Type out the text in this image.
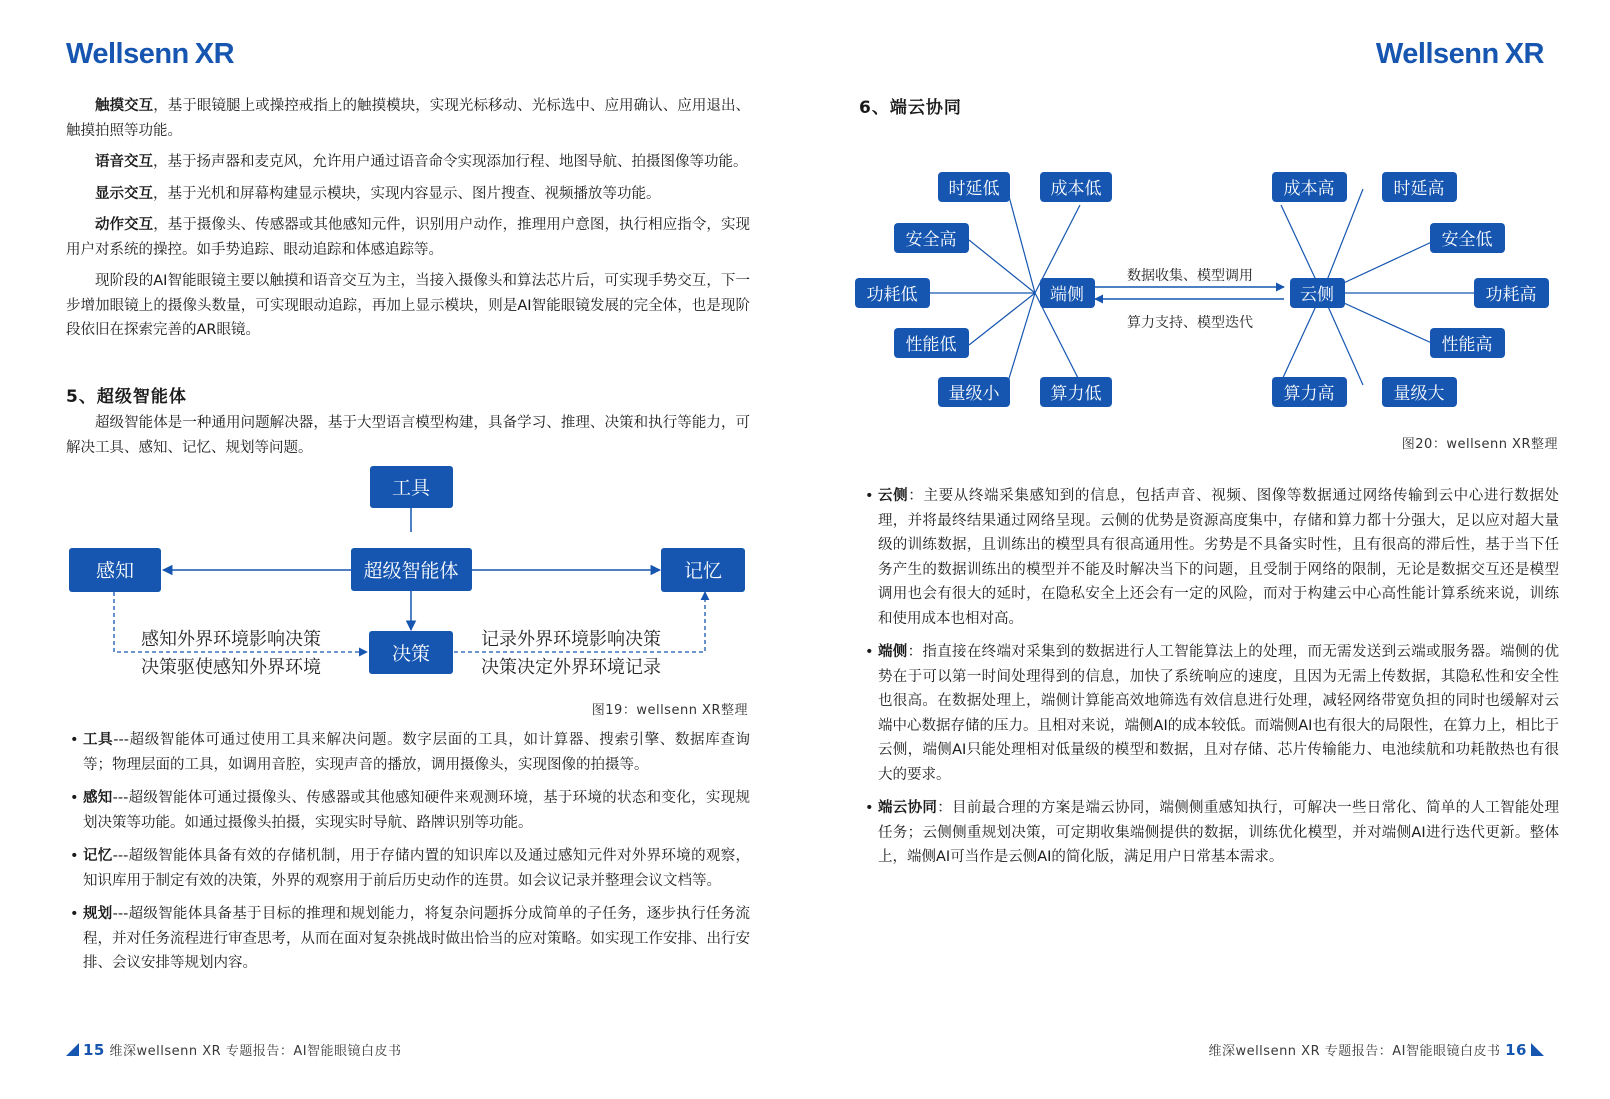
Wellsenn XR

触摸交互，基于眼镜腿上或操控戒指上的触摸模块，实现光标移动、光标选中、应用确认、应用退出、触摸拍照等功能。

语音交互，基于扬声器和麦克风，允许用户通过语音命令实现添加行程、地图导航、拍摄图像等功能。

显示交互，基于光机和屏幕构建显示模块，实现内容显示、图片搜查、视频播放等功能。

动作交互，基于摄像头、传感器或其他感知元件，识别用户动作，推理用户意图，执行相应指令，实现用户对系统的操控。如手势追踪、眼动追踪和体感追踪等。

现阶段的AI智能眼镜主要以触摸和语音交互为主，当接入摄像头和算法芯片后，可实现手势交互，下一步增加眼镜上的摄像头数量，可实现眼动追踪，再加上显示模块，则是AI智能眼镜发展的完全体，也是现阶段依旧在探索完善的AR眼镜。

5、超级智能体

超级智能体是一种通用问题解决器，基于大型语言模型构建，具备学习、推理、决策和执行等能力，可解决工具、感知、记忆、规划等问题。

工具
超级智能体
感知	记忆
决策
感知外界环境影响决策
决策驱使感知外界环境
记录外界环境影响决策
决策决定外界环境记录
图19：wellsenn XR整理

• 工具---超级智能体可通过使用工具来解决问题。数字层面的工具，如计算器、搜索引擎、数据库查询等；物理层面的工具，如调用音腔，实现声音的播放，调用摄像头，实现图像的拍摄等。

• 感知---超级智能体可通过摄像头、传感器或其他感知硬件来观测环境，基于环境的状态和变化，实现规划决策等功能。如通过摄像头拍摄，实现实时导航、路牌识别等功能。

• 记忆---超级智能体具备有效的存储机制，用于存储内置的知识库以及通过感知元件对外界环境的观察，知识库用于制定有效的决策，外界的观察用于前后历史动作的连贯。如会议记录并整理会议文档等。

• 规划---超级智能体具备基于目标的推理和规划能力，将复杂问题拆分成简单的子任务，逐步执行任务流程，并对任务流程进行审查思考，从而在面对复杂挑战时做出恰当的应对策略。如实现工作安排、出行安排、会议安排等规划内容。

15 维深wellsenn XR 专题报告：AI智能眼镜白皮书
Wellsenn XR
6、端云协同
数据收集、模型调用
算力支持、模型迭代
端侧	云侧
时延低	成本低
安全高
功耗低
性能低
量级小	算力低
成本高	时延高
安全低
功耗高
性能高
算力高	量级大
图20：wellsenn XR整理

• 云侧：主要从终端采集感知到的信息，包括声音、视频、图像等数据通过网络传输到云中心进行数据处理，并将最终结果通过网络呈现。云侧的优势是资源高度集中，存储和算力都十分强大，足以应对超大量级的训练数据，且训练出的模型具有很高通用性。劣势是不具备实时性，且有很高的滞后性，基于当下任务产生的数据训练出的模型并不能及时解决当下的问题，且受制于网络的限制，无论是数据交互还是模型调用也会有很大的延时，在隐私安全上还会有一定的风险，而对于构建云中心高性能计算系统来说，训练和使用成本也相对高。

• 端侧：指直接在终端对采集到的数据进行人工智能算法上的处理，而无需发送到云端或服务器。端侧的优势在于可以第一时间处理得到的信息，加快了系统响应的速度，且因为无需上传数据，其隐私性和安全性也很高。在数据处理上，端侧计算能高效地筛选有效信息进行处理，减轻网络带宽负担的同时也缓解对云端中心数据存储的压力。且相对来说，端侧AI的成本较低。而端侧AI也有很大的局限性，在算力上，相比于云侧，端侧AI只能处理相对低量级的模型和数据，且对存储、芯片传输能力、电池续航和功耗散热也有很大的要求。

• 端云协同：目前最合理的方案是端云协同，端侧侧重感知执行，可解决一些日常化、简单的人工智能处理任务；云侧侧重规划决策，可定期收集端侧提供的数据，训练优化模型，并对端侧AI进行迭代更新。整体上，端侧AI可当作是云侧AI的简化版，满足用户日常基本需求。

维深wellsenn XR 专题报告：AI智能眼镜白皮书 16
